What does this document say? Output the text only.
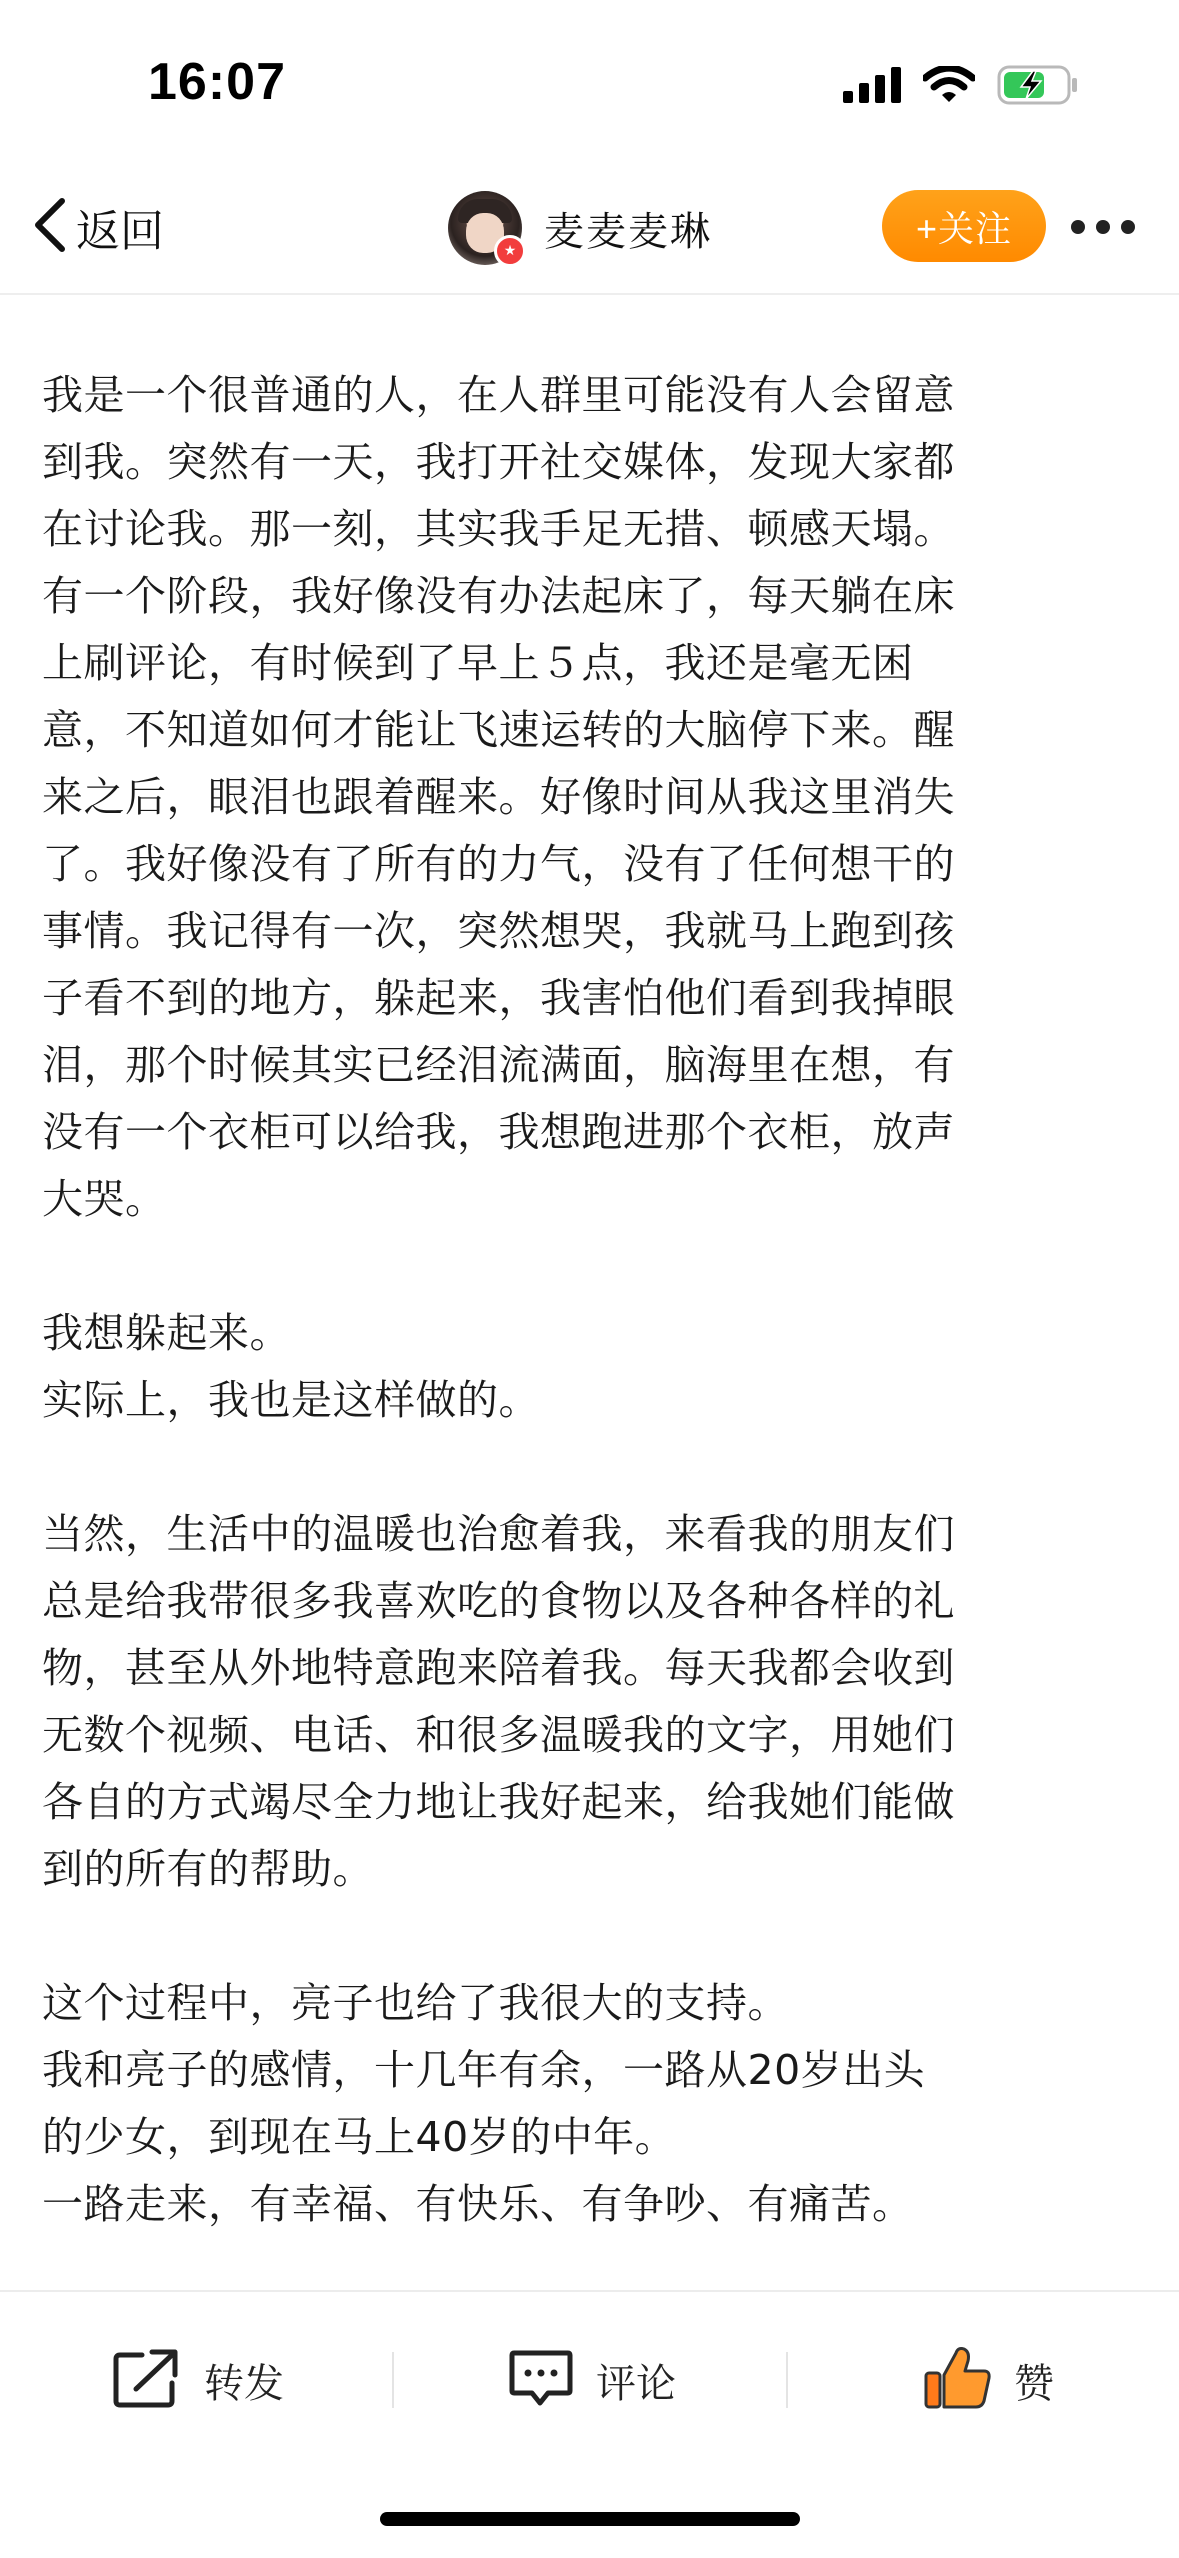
16:07
返回	★ 麦麦麦琳	+关注

我是一个很普通的人，在人群里可能没有人会留意
到我。突然有一天，我打开社交媒体，发现大家都
在讨论我。那一刻，其实我手足无措、顿感天塌。
有一个阶段，我好像没有办法起床了，每天躺在床
上刷评论，有时候到了早上５点，我还是毫无困
意，不知道如何才能让飞速运转的大脑停下来。醒
来之后，眼泪也跟着醒来。好像时间从我这里消失
了。我好像没有了所有的力气，没有了任何想干的
事情。我记得有一次，突然想哭，我就马上跑到孩
子看不到的地方，躲起来，我害怕他们看到我掉眼
泪，那个时候其实已经泪流满面，脑海里在想，有
没有一个衣柜可以给我，我想跑进那个衣柜，放声
大哭。

我想躲起来。
实际上，我也是这样做的。

当然，生活中的温暖也治愈着我，来看我的朋友们
总是给我带很多我喜欢吃的食物以及各种各样的礼
物，甚至从外地特意跑来陪着我。每天我都会收到
无数个视频、电话、和很多温暖我的文字，用她们
各自的方式竭尽全力地让我好起来，给我她们能做
到的所有的帮助。

这个过程中，亮子也给了我很大的支持。
我和亮子的感情，十几年有余，一路从20岁出头
的少女，到现在马上40岁的中年。
一路走来，有幸福、有快乐、有争吵、有痛苦。

转发	评论	赞
